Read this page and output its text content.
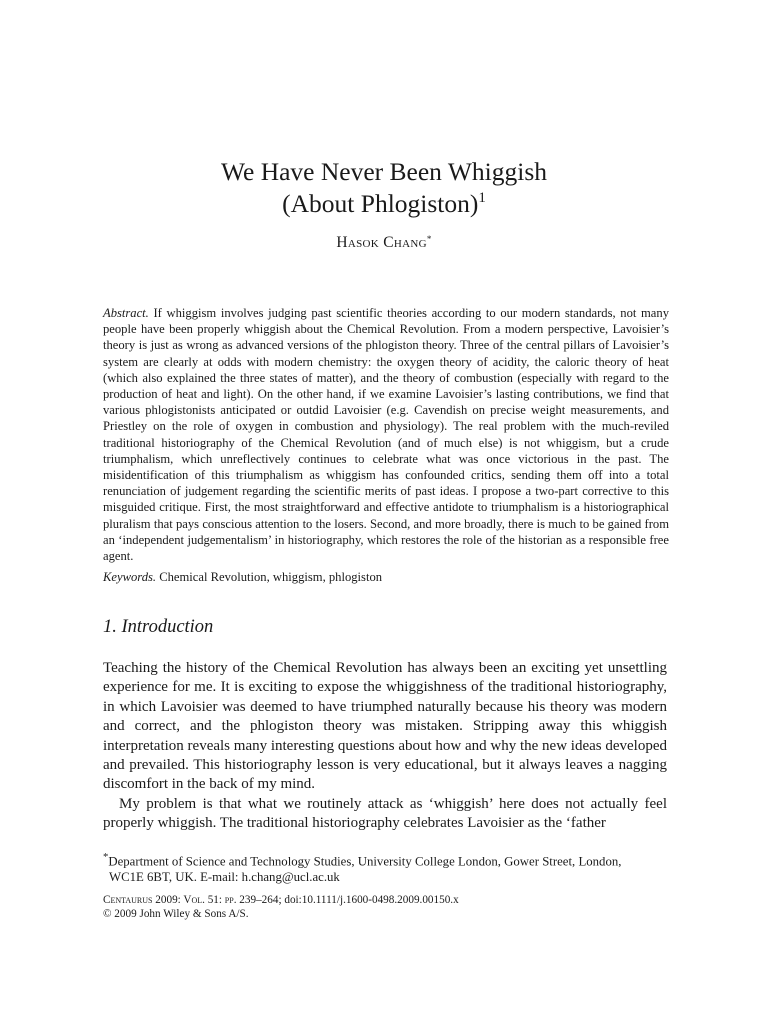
We Have Never Been Whiggish
(About Phlogiston)$^1$
Hasok Chang*
Abstract. If whiggism involves judging past scientific theories according to our modern standards, not many people have been properly whiggish about the Chemical Revolution. From a modern perspective, Lavoisier’s theory is just as wrong as advanced versions of the phlogiston theory. Three of the central pillars of Lavoisier’s system are clearly at odds with modern chemistry: the oxygen theory of acidity, the caloric theory of heat (which also explained the three states of matter), and the theory of combustion (especially with regard to the production of heat and light). On the other hand, if we examine Lavoisier’s lasting contributions, we find that various phlogistonists anticipated or outdid Lavoisier (e.g. Cavendish on precise weight measurements, and Priestley on the role of oxygen in combustion and physiology). The real problem with the much-reviled traditional historiography of the Chemical Revolution (and of much else) is not whiggism, but a crude triumphalism, which unreflectively continues to celebrate what was once victorious in the past. The misidentification of this triumphalism as whiggism has confounded critics, sending them off into a total renunciation of judgement regarding the scientific merits of past ideas. I propose a two-part corrective to this misguided critique. First, the most straightforward and effective antidote to triumphalism is a historiographical pluralism that pays conscious attention to the losers. Second, and more broadly, there is much to be gained from an ‘independent judgementalism’ in historiography, which restores the role of the historian as a responsible free agent.
Keywords. Chemical Revolution, whiggism, phlogiston
1. Introduction

Teaching the history of the Chemical Revolution has always been an exciting yet unsettling experience for me. It is exciting to expose the whiggishness of the traditional historiography, in which Lavoisier was deemed to have triumphed naturally because his theory was modern and correct, and the phlogiston theory was mistaken. Stripping away this whiggish interpretation reveals many interesting questions about how and why the new ideas developed and prevailed. This historiography lesson is very educational, but it always leaves a nagging discomfort in the back of my mind.

My problem is that what we routinely attack as ‘whiggish’ here does not actually feel properly whiggish. The traditional historiography celebrates Lavoisier as the ‘father

*Department of Science and Technology Studies, University College London, Gower Street, London,
WC1E 6BT, UK. E-mail: h.chang@ucl.ac.uk
Centaurus 2009: Vol. 51: pp. 239–264; doi:10.1111/j.1600-0498.2009.00150.x
© 2009 John Wiley & Sons A/S.
